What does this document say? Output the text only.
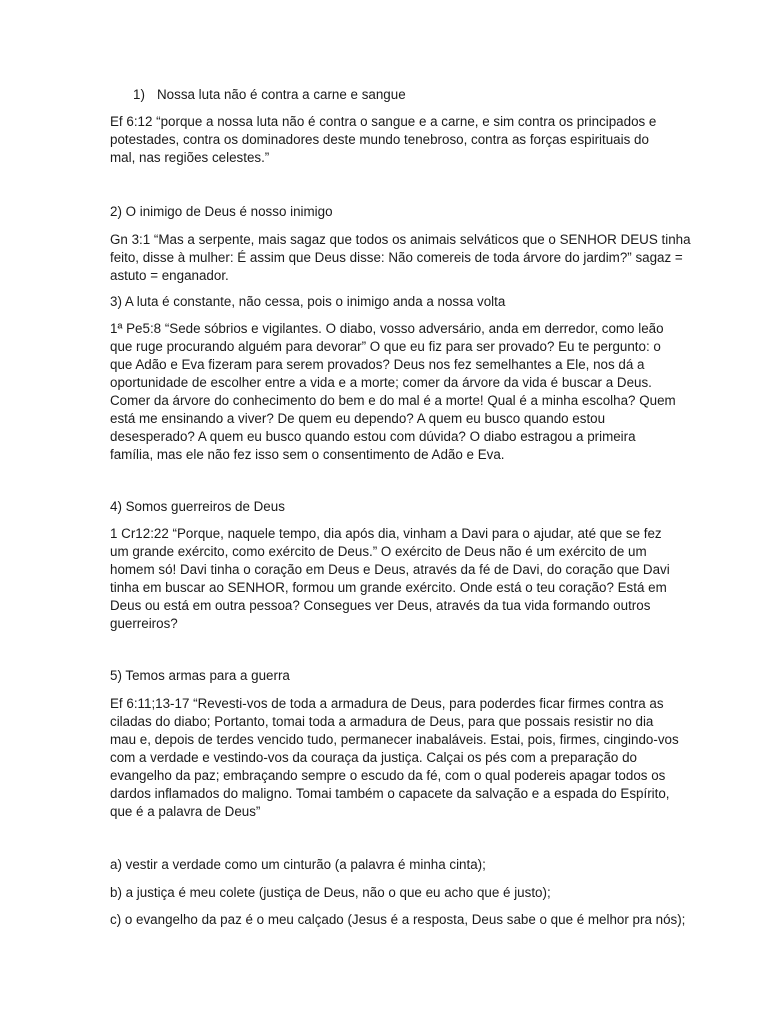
1) Nossa luta não é contra a carne e sangue

Ef 6:12 “porque a nossa luta não é contra o sangue e a carne, e sim contra os principados e
potestades, contra os dominadores deste mundo tenebroso, contra as forças espirituais do
mal, nas regiões celestes.”

2) O inimigo de Deus é nosso inimigo

Gn 3:1 “Mas a serpente, mais sagaz que todos os animais selváticos que o SENHOR DEUS tinha
feito, disse à mulher: É assim que Deus disse: Não comereis de toda árvore do jardim?” sagaz =
astuto = enganador.

3) A luta é constante, não cessa, pois o inimigo anda a nossa volta

1ª Pe5:8 “Sede sóbrios e vigilantes. O diabo, vosso adversário, anda em derredor, como leão
que ruge procurando alguém para devorar” O que eu fiz para ser provado? Eu te pergunto: o
que Adão e Eva fizeram para serem provados? Deus nos fez semelhantes a Ele, nos dá a
oportunidade de escolher entre a vida e a morte; comer da árvore da vida é buscar a Deus.
Comer da árvore do conhecimento do bem e do mal é a morte! Qual é a minha escolha? Quem
está me ensinando a viver? De quem eu dependo? A quem eu busco quando estou
desesperado? A quem eu busco quando estou com dúvida? O diabo estragou a primeira
família, mas ele não fez isso sem o consentimento de Adão e Eva.

4) Somos guerreiros de Deus

1 Cr12:22 “Porque, naquele tempo, dia após dia, vinham a Davi para o ajudar, até que se fez
um grande exército, como exército de Deus.” O exército de Deus não é um exército de um
homem só! Davi tinha o coração em Deus e Deus, através da fé de Davi, do coração que Davi
tinha em buscar ao SENHOR, formou um grande exército. Onde está o teu coração? Está em
Deus ou está em outra pessoa? Consegues ver Deus, através da tua vida formando outros
guerreiros?

5) Temos armas para a guerra

Ef 6:11;13-17 “Revesti-vos de toda a armadura de Deus, para poderdes ficar firmes contra as
ciladas do diabo; Portanto, tomai toda a armadura de Deus, para que possais resistir no dia
mau e, depois de terdes vencido tudo, permanecer inabaláveis. Estai, pois, firmes, cingindo-vos
com a verdade e vestindo-vos da couraça da justiça. Calçai os pés com a preparação do
evangelho da paz; embraçando sempre o escudo da fé, com o qual podereis apagar todos os
dardos inflamados do maligno. Tomai também o capacete da salvação e a espada do Espírito,
que é a palavra de Deus”

a) vestir a verdade como um cinturão (a palavra é minha cinta);

b) a justiça é meu colete (justiça de Deus, não o que eu acho que é justo);

c) o evangelho da paz é o meu calçado (Jesus é a resposta, Deus sabe o que é melhor pra nós);
